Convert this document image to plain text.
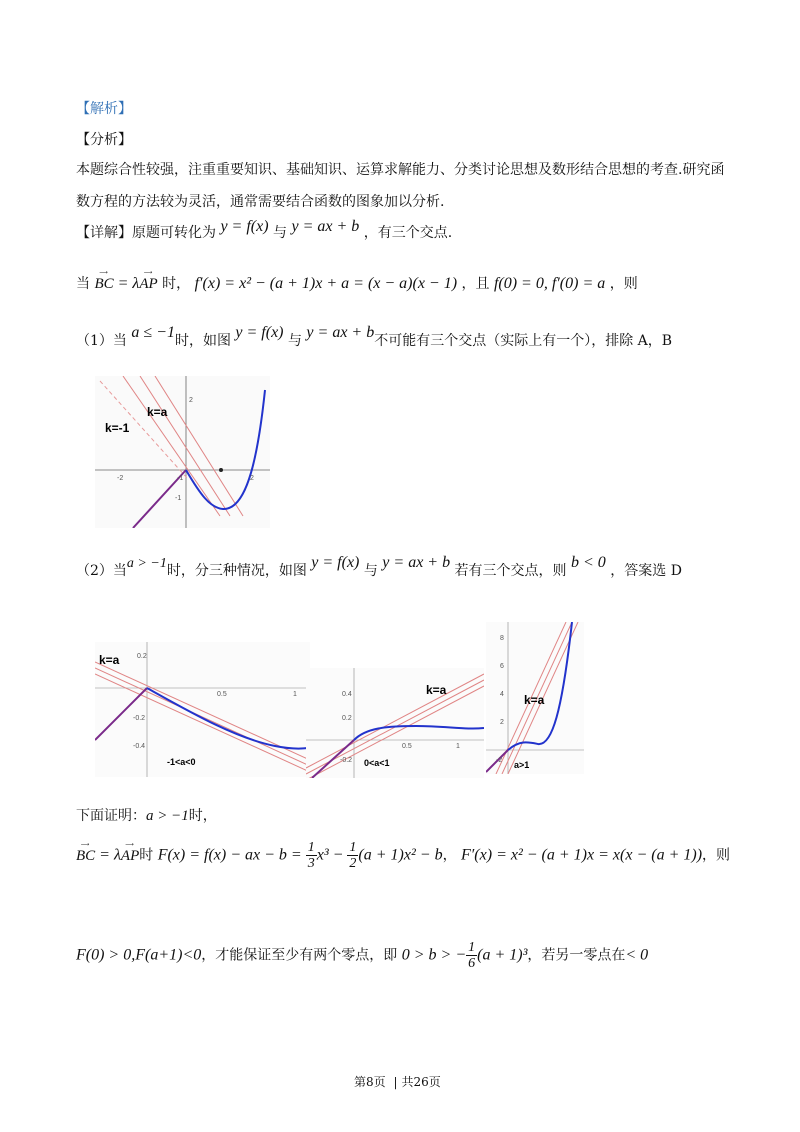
【解析】
【分析】
本题综合性较强，注重重要知识、基础知识、运算求解能力、分类讨论思想及数形结合思想的考查.研究函
数方程的方法较为灵活，通常需要结合函数的图象加以分析.
【详解】原题可转化为 y = f(x) 与 y = ax + b ，有三个交点.
当
⟶
BC = λ
⟶
AP 时， f′(x) = x² − (a + 1)x + a = (x − a)(x − 1) ，且 f(0) = 0, f′(0) = a ，则
（1）当 a ≤ −1时，如图 y = f(x) 与 y = ax + b不可能有三个交点（实际上有一个），排除 A，B
k=-1
k=a
-2	2
-1
2
-1
（2）当a > −1时，分三种情况，如图 y = f(x) 与 y = ax + b 若有三个交点，则 b < 0 ，答案选 D
k=a
-1<a<0
0.2
-0.2
-0.4
0.5	1	k=a
0<a<1
0.4
0.2
-0.2
0.5	1
k=a
a>1
8
6
4
2
-2
下面证明：a > −1时，
⟶
BC = λ
⟶
AP时 F(x) = f(x) − ax − $b = \frac{1}{3} x^3 - \frac{1}{2} (a + 1)x^2 - b$， F′(x) = x² − (a + 1)x = x(x − (a + 1))，则
F(0) > 0,F(a+1)<0，才能保证至少有两个零点，即 0 > b > − $\frac{1}{6} (a + 1)^3$，若另一零点在< 0
第8页 | 共26页
